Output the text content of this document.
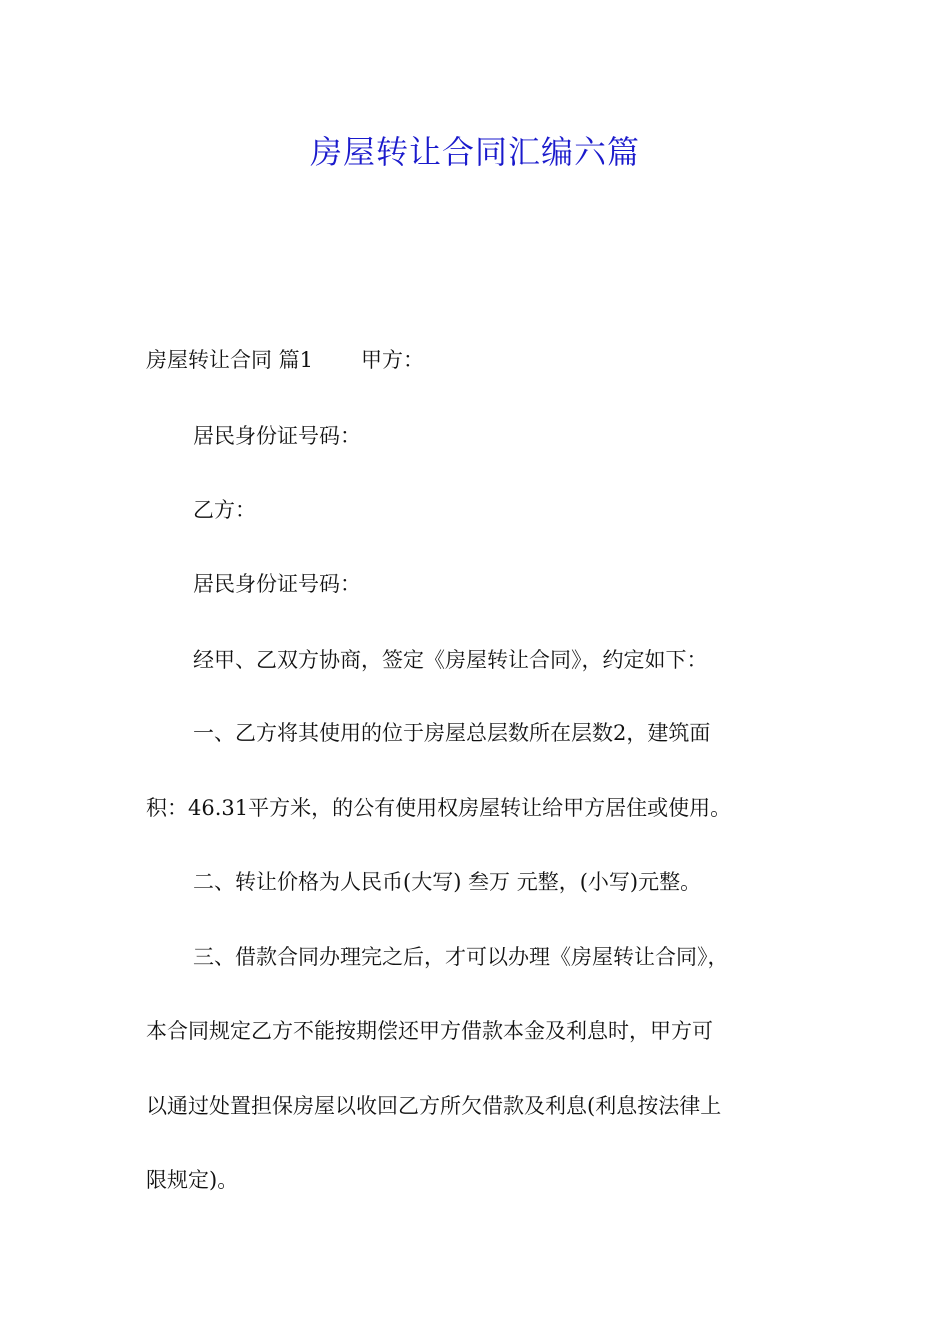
房屋转让合同汇编六篇
房屋转让合同 篇1 甲方：
居民身份证号码：
乙方：
居民身份证号码：
经甲、乙双方协商，签定《房屋转让合同》，约定如下：
一、乙方将其使用的位于房屋总层数所在层数2，建筑面
积：46.31平方米，的公有使用权房屋转让给甲方居住或使用。
二、转让价格为人民币(大写) 叁万 元整，(小写)元整。
三、借款合同办理完之后，才可以办理《房屋转让合同》，
本合同规定乙方不能按期偿还甲方借款本金及利息时，甲方可
以通过处置担保房屋以收回乙方所欠借款及利息(利息按法律上
限规定)。
